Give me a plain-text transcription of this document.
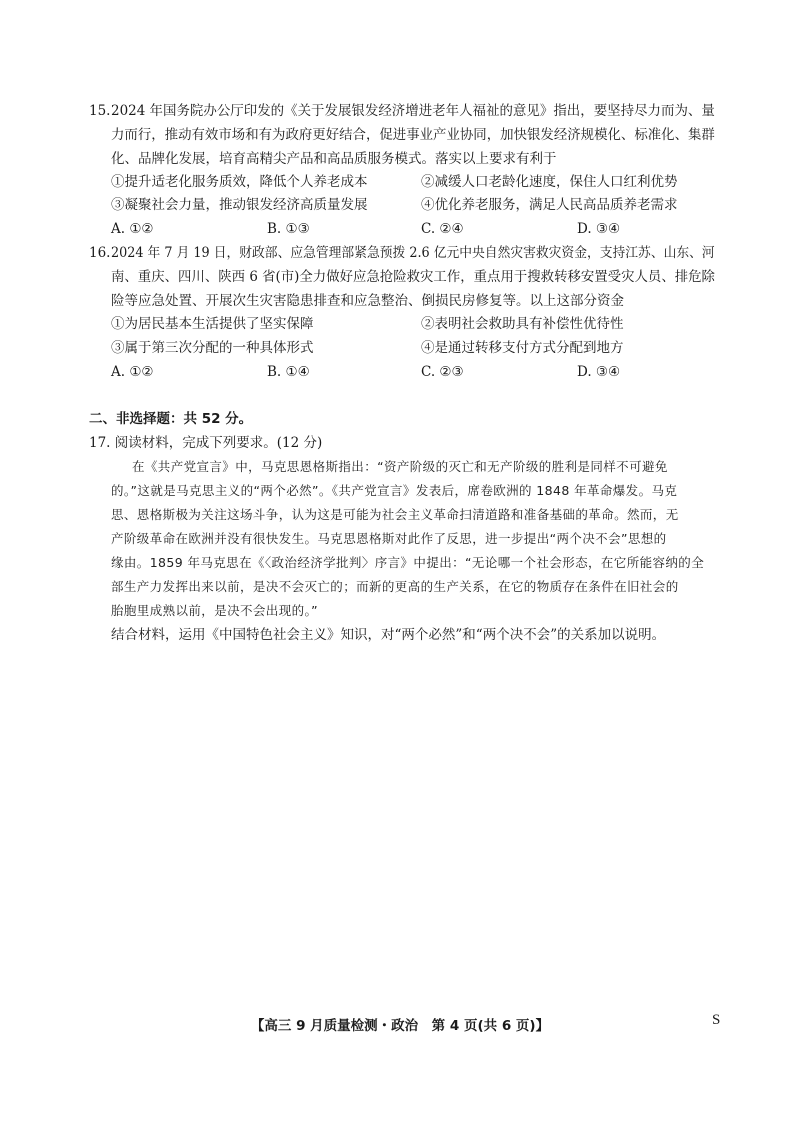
15. 2024 年国务院办公厅印发的《关于发展银发经济增进老年人福祉的意见》指出，要坚持尽力而为、量
力而行，推动有效市场和有为政府更好结合，促进事业产业协同，加快银发经济规模化、标准化、集群
化、品牌化发展，培育高精尖产品和高品质服务模式。落实以上要求有利于
①提升适老化服务质效，降低个人养老成本	②减缓人口老龄化速度，保住人口红利优势
③凝聚社会力量，推动银发经济高质量发展	④优化养老服务，满足人民高品质养老需求
A. ①②	B. ①③	C. ②④	D. ③④
16. 2024 年 7 月 19 日，财政部、应急管理部紧急预拨 2.6 亿元中央自然灾害救灾资金，支持江苏、山东、河
南、重庆、四川、陕西 6 省(市)全力做好应急抢险救灾工作，重点用于搜救转移安置受灾人员、排危除
险等应急处置、开展次生灾害隐患排查和应急整治、倒损民房修复等。以上这部分资金
①为居民基本生活提供了坚实保障	②表明社会救助具有补偿性优待性
③属于第三次分配的一种具体形式	④是通过转移支付方式分配到地方
A. ①②	B. ①④	C. ②③	D. ③④
二、非选择题：共 52 分。
17. 阅读材料，完成下列要求。(12 分)
在《共产党宣言》中，马克思恩格斯指出：“资产阶级的灭亡和无产阶级的胜利是同样不可避免
的。”这就是马克思主义的“两个必然”。《共产党宣言》发表后，席卷欧洲的 1848 年革命爆发。马克
思、恩格斯极为关注这场斗争，认为这是可能为社会主义革命扫清道路和准备基础的革命。然而，无
产阶级革命在欧洲并没有很快发生。马克思恩格斯对此作了反思，进一步提出“两个决不会”思想的
缘由。1859 年马克思在《〈政治经济学批判〉序言》中提出：“无论哪一个社会形态，在它所能容纳的全
部生产力发挥出来以前，是决不会灭亡的；而新的更高的生产关系，在它的物质存在条件在旧社会的
胎胞里成熟以前，是决不会出现的。”
结合材料，运用《中国特色社会主义》知识，对“两个必然”和“两个决不会”的关系加以说明。
【高三 9 月质量检测・政治　第 4 页(共 6 页)】	S
